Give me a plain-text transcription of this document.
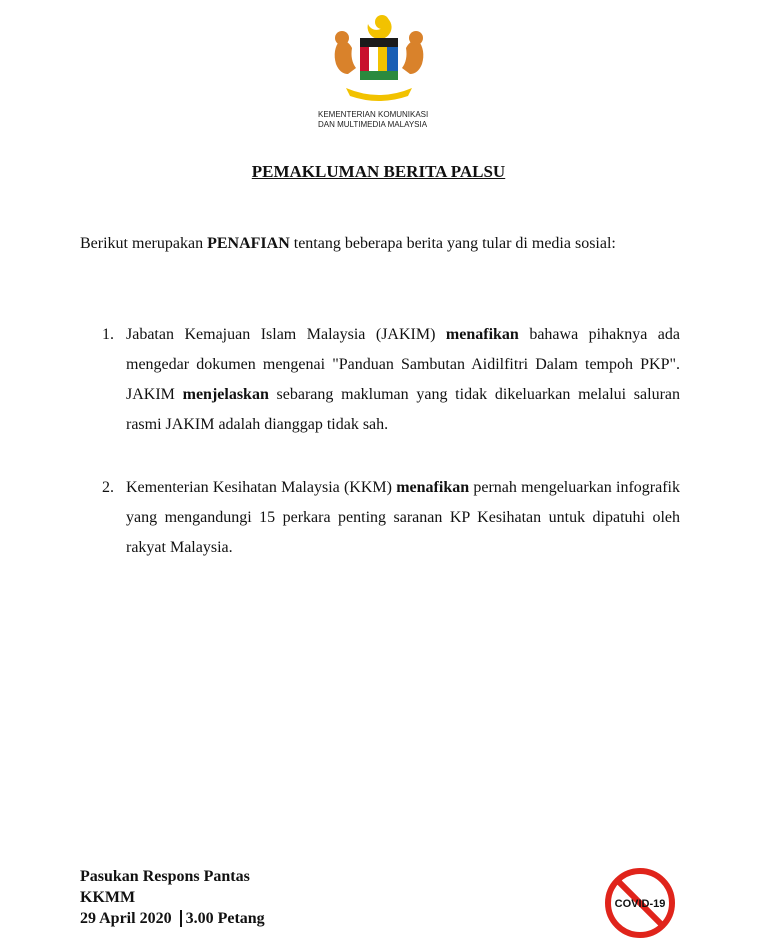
KEMENTERIAN KOMUNIKASI
DAN MULTIMEDIA MALAYSIA
PEMAKLUMAN BERITA PALSU
Berikut merupakan PENAFIAN tentang beberapa berita yang tular di media sosial:
1. Jabatan Kemajuan Islam Malaysia (JAKIM) menafikan bahawa pihaknya ada mengedar dokumen mengenai "Panduan Sambutan Aidilfitri Dalam tempoh PKP". JAKIM menjelaskan sebarang makluman yang tidak dikeluarkan melalui saluran rasmi JAKIM adalah dianggap tidak sah.
2. Kementerian Kesihatan Malaysia (KKM) menafikan pernah mengeluarkan infografik yang mengandungi 15 perkara penting saranan KP Kesihatan untuk dipatuhi oleh rakyat Malaysia.
Pasukan Respons Pantas
KKMM
29 April 2020 3.00 Petang
COVID-19
